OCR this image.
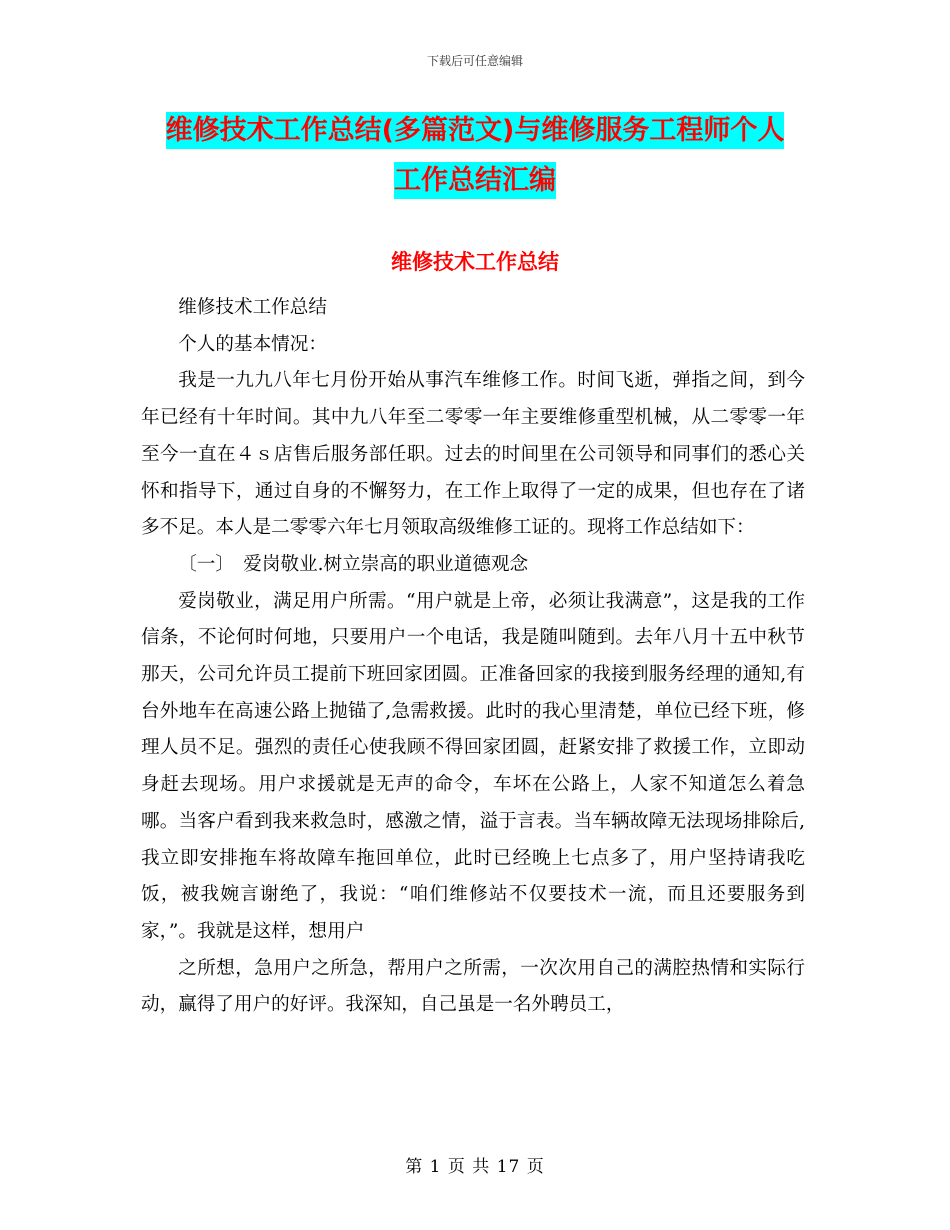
下载后可任意编辑
维修技术工作总结(多篇范文)与维修服务工程师个人
工作总结汇编
维修技术工作总结

维修技术工作总结

个人的基本情况：

我是一九九八年七月份开始从事汽车维修工作。时间飞逝，弹指之间，到今年已经有十年时间。其中九八年至二零零一年主要维修重型机械，从二零零一年至今一直在４ｓ店售后服务部任职。过去的时间里在公司领导和同事们的悉心关怀和指导下，通过自身的不懈努力，在工作上取得了一定的成果，但也存在了诸多不足。本人是二零零六年七月领取高级维修工证的。现将工作总结如下：

〔一〕　爱岗敬业.树立崇高的职业道德观念

爱岗敬业，满足用户所需。“用户就是上帝，必须让我满意”，这是我的工作信条，不论何时何地，只要用户一个电话，我是随叫随到。去年八月十五中秋节那天，公司允许员工提前下班回家团圆。正准备回家的我接到服务经理的通知,有台外地车在高速公路上抛锚了,急需救援。此时的我心里清楚，单位已经下班，修理人员不足。强烈的责任心使我顾不得回家团圆，赶紧安排了救援工作，立即动身赶去现场。用户求援就是无声的命令，车坏在公路上，人家不知道怎么着急哪。当客户看到我来救急时，感激之情，溢于言表。当车辆故障无法现场排除后,我立即安排拖车将故障车拖回单位，此时已经晚上七点多了，用户坚持请我吃饭，被我婉言谢绝了，我说：“咱们维修站不仅要技术一流，而且还要服务到家，”。我就是这样，想用户

之所想，急用户之所急，帮用户之所需，一次次用自己的满腔热情和实际行动，赢得了用户的好评。我深知，自己虽是一名外聘员工，

第 1 页 共 17 页
